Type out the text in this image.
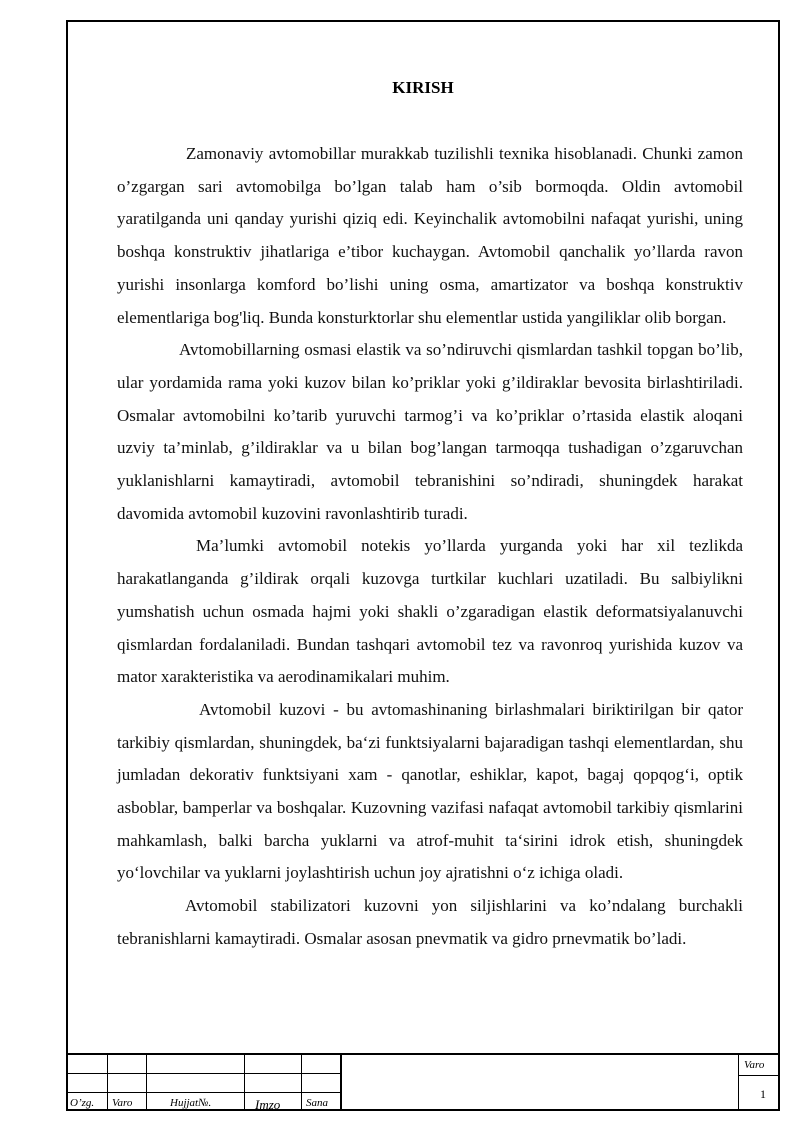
KIRISH

Zamonaviy avtomobillar murakkab tuzilishli texnika hisoblanadi. Chunki zamon o’zgargan sari avtomobilga bo’lgan talab ham o’sib bormoqda. Oldin avtomobil yaratilganda uni qanday yurishi qiziq edi. Keyinchalik avtomobilni nafaqat yurishi, uning boshqa konstruktiv jihatlariga e’tibor kuchaygan. Avtomobil qanchalik yo’llarda ravon yurishi insonlarga komford bo’lishi uning osma, amartizator va boshqa konstruktiv elementlariga bog'liq. Bunda konsturktorlar shu elementlar ustida yangiliklar olib borgan.

Avtomobillarning osmasi elastik va so’ndiruvchi qismlardan tashkil topgan bo’lib, ular yordamida rama yoki kuzov bilan ko’priklar yoki g’ildiraklar bevosita birlashtiriladi. Osmalar avtomobilni ko’tarib yuruvchi tarmog’i va ko’priklar o’rtasida elastik aloqani uzviy ta’minlab, g’ildiraklar va u bilan bog’langan tarmoqqa tushadigan o’zgaruvchan yuklanishlarni kamaytiradi, avtomobil tebranishini so’ndiradi, shuningdek harakat davomida avtomobil kuzovini ravonlashtirib turadi.

Ma’lumki avtomobil notekis yo’llarda yurganda yoki har xil tezlikda harakatlanganda g’ildirak orqali kuzovga turtkilar kuchlari uzatiladi. Bu salbiylikni yumshatish uchun osmada hajmi yoki shakli o’zgaradigan elastik deformatsiyalanuvchi qismlardan fordalaniladi. Bundan tashqari avtomobil tez va ravonroq yurishida kuzov va mator xarakteristika va aerodinamikalari muhim.

Avtomobil kuzovi - bu avtomashinaning birlashmalari biriktirilgan bir qator tarkibiy qismlardan, shuningdek, ba‘zi funktsiyalarni bajaradigan tashqi elementlardan, shu jumladan dekorativ funktsiyani xam - qanotlar, eshiklar, kapot, bagaj qopqog‘i, optik asboblar, bamperlar va boshqalar. Kuzovning vazifasi nafaqat avtomobil tarkibiy qismlarini mahkamlash, balki barcha yuklarni va atrof-muhit ta‘sirini idrok etish, shuningdek yo‘lovchilar va yuklarni joylashtirish uchun joy ajratishni o‘z ichiga oladi.

Avtomobil stabilizatori kuzovni yon siljishlarini va ko’ndalang burchakli tebranishlarni kamaytiradi. Osmalar asosan pnevmatik va gidro prnevmatik bo’ladi.

O’zg. Varo	Hujjat№.	Imzo Sana
Varo
1
